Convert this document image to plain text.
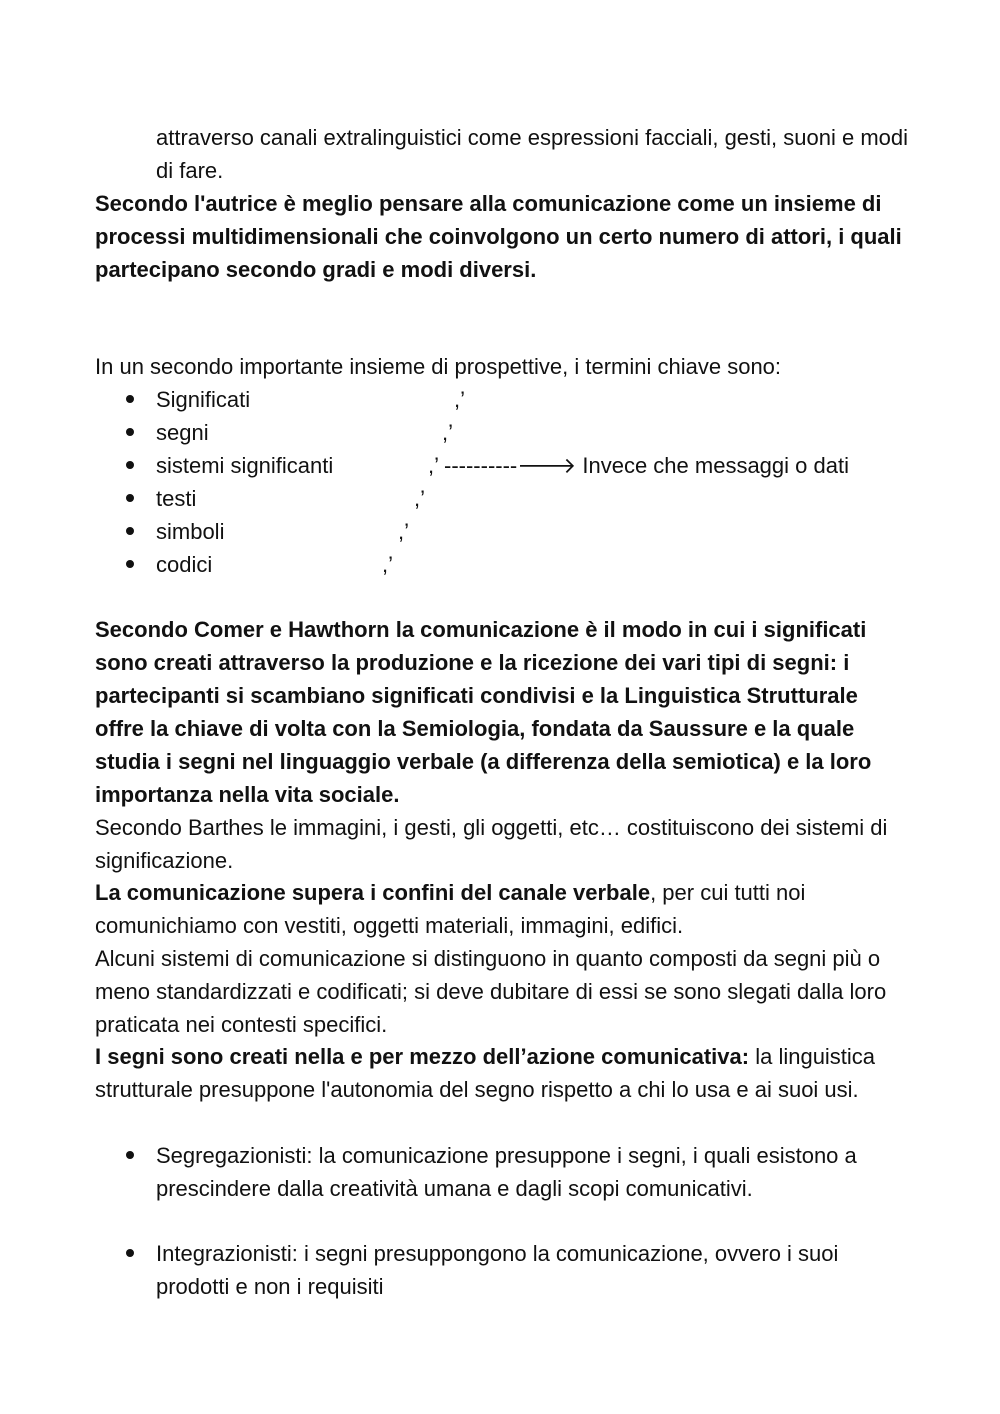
attraverso canali extralinguistici come espressioni facciali, gesti, suoni e modi di fare.
Secondo l'autrice è meglio pensare alla comunicazione come un insieme di processi multidimensionali che coinvolgono un certo numero di attori, i quali partecipano secondo gradi e modi diversi.
In un secondo importante insieme di prospettive, i termini chiave sono:
Significati	,’
segni	,’
sistemi significanti	,’ ----------🡒 Invece che messaggi o dati
testi	,’
simboli	,’
codici	,’
Secondo Comer e Hawthorn la comunicazione è il modo in cui i significati sono creati attraverso la produzione e la ricezione dei vari tipi di segni: i partecipanti si scambiano significati condivisi e la Linguistica Strutturale offre la chiave di volta con la Semiologia, fondata da Saussure e la quale studia i segni nel linguaggio verbale (a differenza della semiotica) e la loro importanza nella vita sociale.
Secondo Barthes le immagini, i gesti, gli oggetti, etc… costituiscono dei sistemi di significazione.
La comunicazione supera i confini del canale verbale, per cui tutti noi comunichiamo con vestiti, oggetti materiali, immagini, edifici.
Alcuni sistemi di comunicazione si distinguono in quanto composti da segni più o meno standardizzati e codificati; si deve dubitare di essi se sono slegati dalla loro praticata nei contesti specifici.
I segni sono creati nella e per mezzo dell’azione comunicativa: la linguistica strutturale presuppone l'autonomia del segno rispetto a chi lo usa e ai suoi usi.
Segregazionisti: la comunicazione presuppone i segni, i quali esistono a prescindere dalla creatività umana e dagli scopi comunicativi.
Integrazionisti: i segni presuppongono la comunicazione, ovvero i suoi prodotti e non i requisiti
